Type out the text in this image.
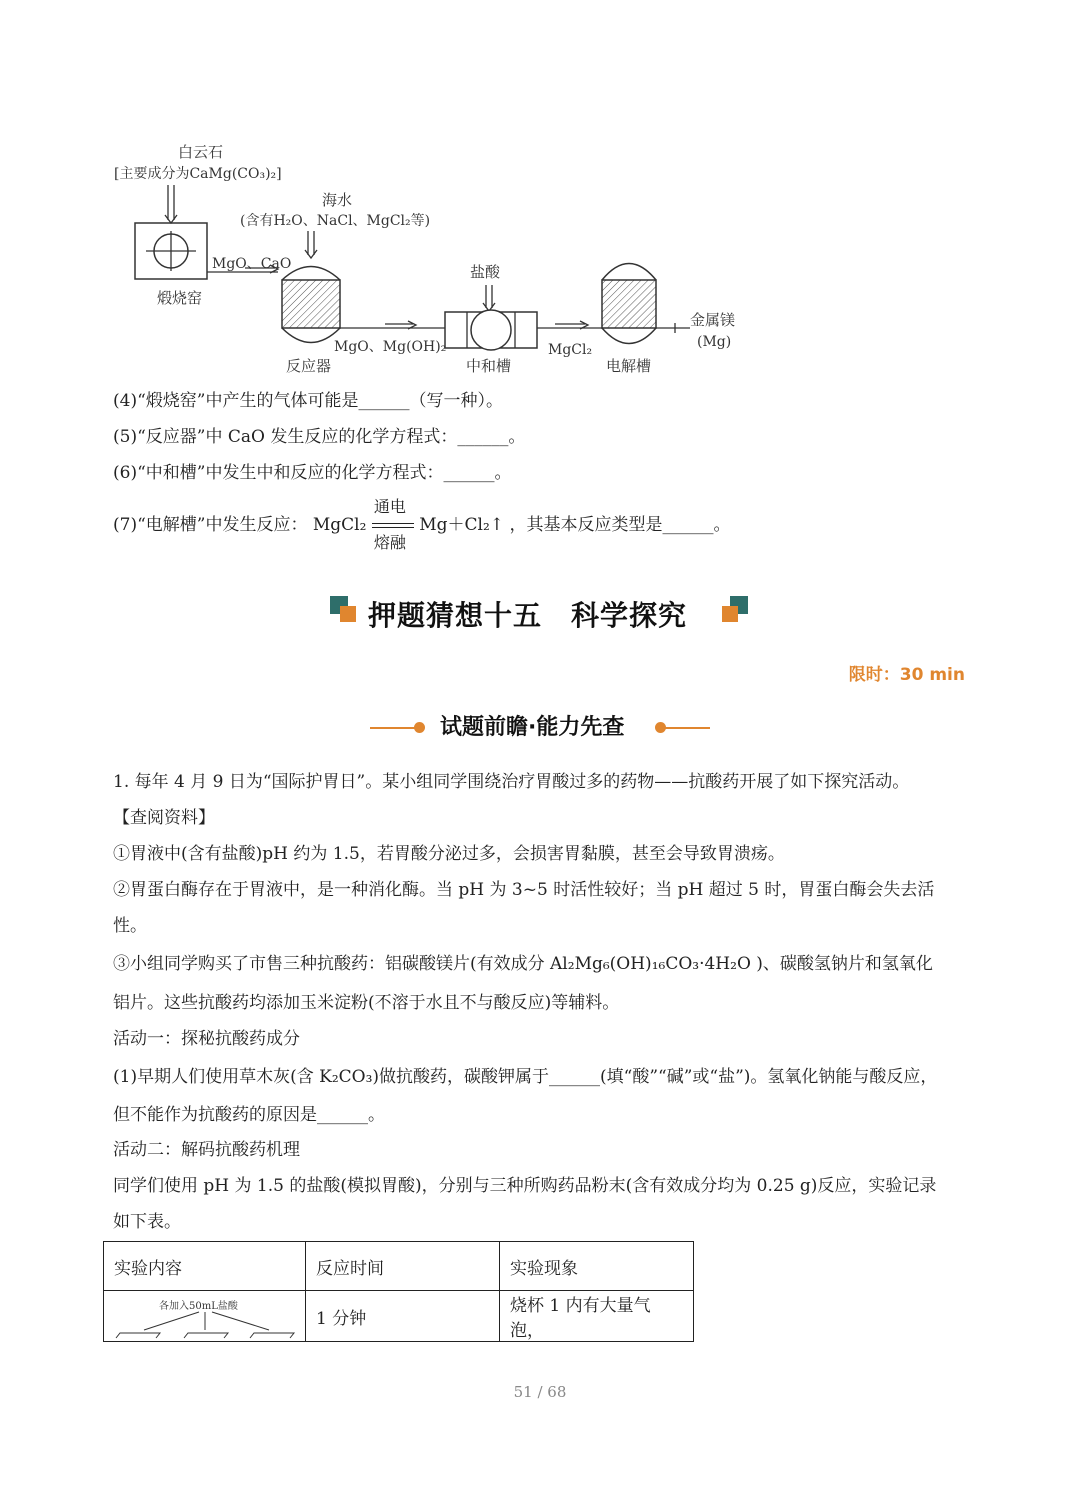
白云石
[主要成分为CaMg(CO₃)₂]
煅烧窑
海水
(含有H₂O、NaCl、MgCl₂等)
MgO、CaO
反应器
MgO、Mg(OH)₂
盐酸
中和槽
MgCl₂
电解槽
金属镁
(Mg)
(4)“煅烧窑”中产生的气体可能是______（写一种）。
(5)“反应器”中 CaO 发生反应的化学方程式：______。
(6)“中和槽”中发生中和反应的化学方程式：______。
(7)“电解槽”中发生反应： MgCl₂
通电
熔融
Mg＋Cl₂↑ ，其基本反应类型是______。
押题猜想十五　科学探究
限时：30 min
试题前瞻·能力先查
1. 每年 4 月 9 日为“国际护胃日”。某小组同学围绕治疗胃酸过多的药物——抗酸药开展了如下探究活动。
【查阅资料】
①胃液中(含有盐酸)pH 约为 1.5，若胃酸分泌过多，会损害胃黏膜，甚至会导致胃溃疡。
②胃蛋白酶存在于胃液中，是一种消化酶。当 pH 为 3~5 时活性较好；当 pH 超过 5 时，胃蛋白酶会失去活
性。
③小组同学购买了市售三种抗酸药：铝碳酸镁片(有效成分 Al₂Mg₆(OH)₁₆CO₃·4H₂O )、碳酸氢钠片和氢氧化
铝片。这些抗酸药均添加玉米淀粉(不溶于水且不与酸反应)等辅料。
活动一：探秘抗酸药成分
(1)早期人们使用草木灰(含 K₂CO₃)做抗酸药，碳酸钾属于______(填“酸”“碱”或“盐”)。氢氧化钠能与酸反应，
但不能作为抗酸药的原因是______。
活动二：解码抗酸药机理
同学们使用 pH 为 1.5 的盐酸(模拟胃酸)，分别与三种所购药品粉末(含有效成分均为 0.25 g)反应，实验记录
如下表。
实验内容	反应时间	实验现象

各加入50mL盐酸	1 分钟	烧杯 1 内有大量气泡，
51 / 68
